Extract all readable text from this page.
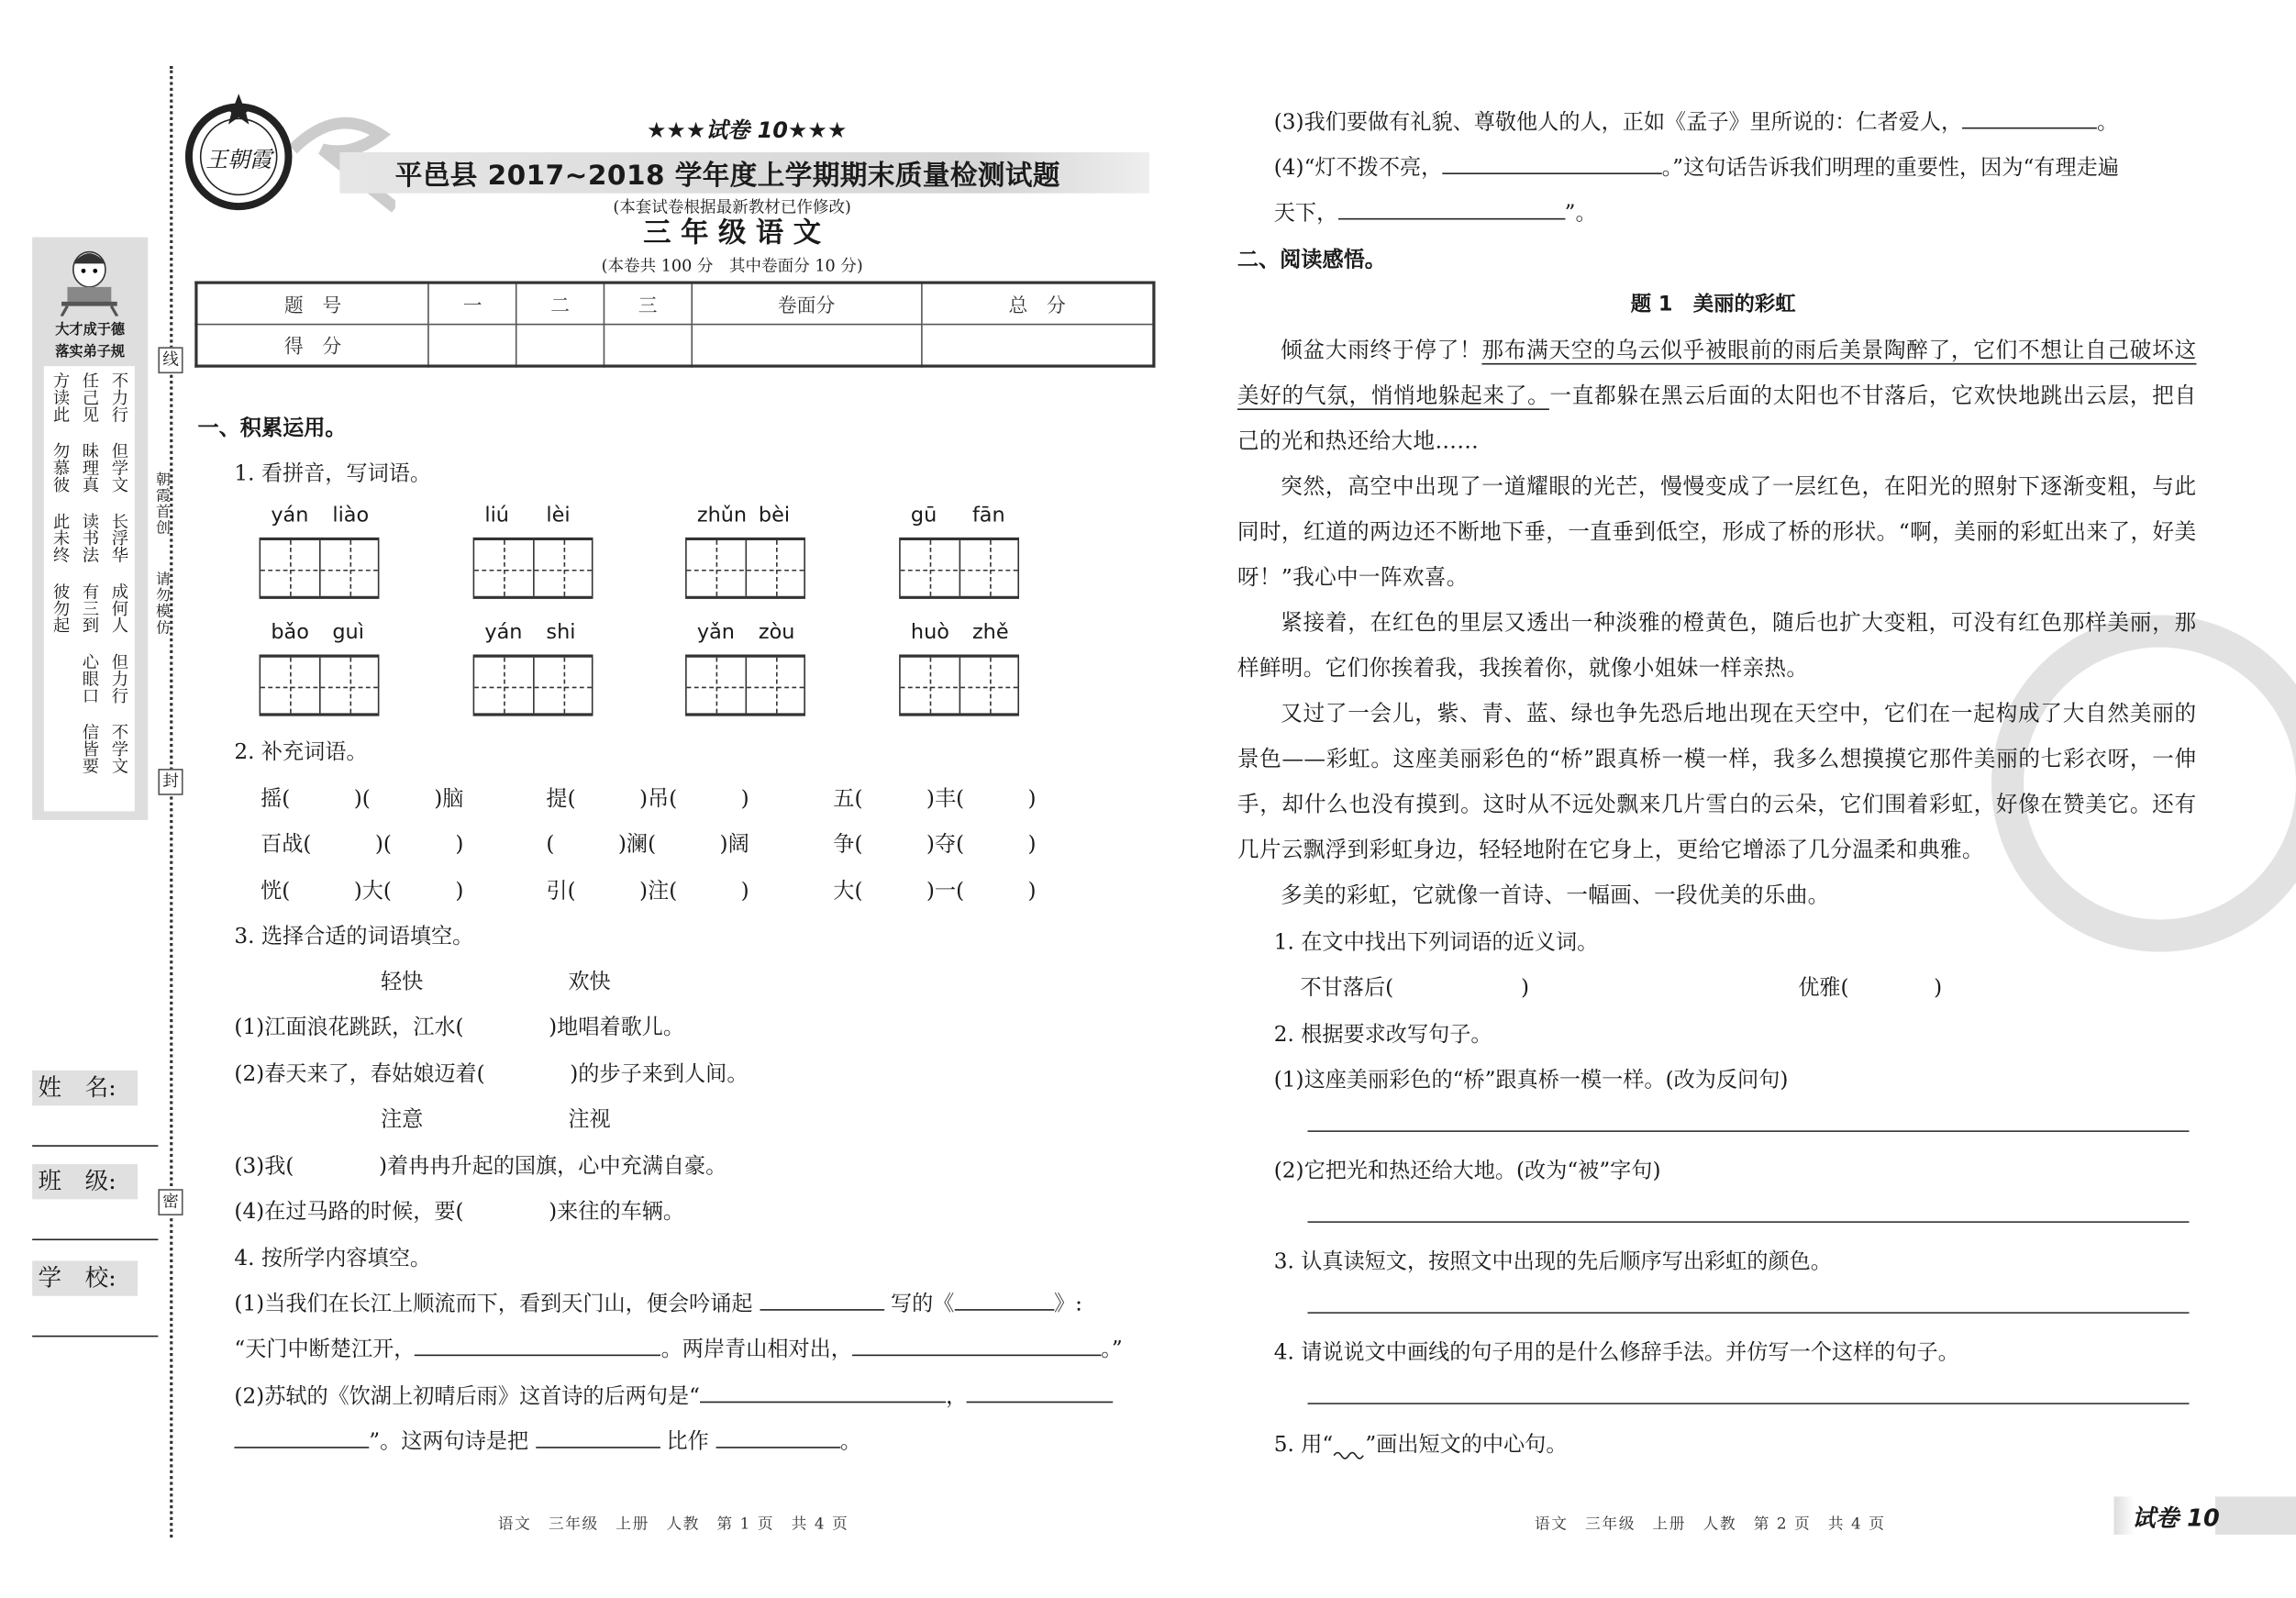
线
封
密
朝霞首创
请勿模仿
大才成于德
落实弟子规
不力行
但学文
长浮华
成何人
但力行
不学文
任己见
昧理真
读书法
有三到
心眼口
信皆要
方读此
勿慕彼
此未终
彼勿起
姓　名:
班　级:
学　校:
王朝霞
★★★试卷 10★★★
平邑县 2017~2018 学年度上学期期末质量检测试题
(本套试卷根据最新教材已作修改)
三 年 级 语 文
(本卷共 100 分　其中卷面分 10 分)
题　号	一	二	三	卷面分	总　分
得　分					
一、积累运用。
1. 看拼音，写词语。
yán liào	liú	lèi	zhǔn bèi	gū	fān
bǎo guì	yán shi	yǎn zòu	huò zhě
2. 补充词语。
摇(　　　)(　　　)脑	提(　　　)吊(　　　)	五(　　　)丰(　　　)
百战(　　　)(　　　)	(　　　)澜(　　　)阔	争(　　　)夺(　　　)
恍(　　　)大(　　　)	引(　　　)注(　　　)	大(　　　)一(　　　)
3. 选择合适的词语填空。
轻快	欢快
(1)江面浪花跳跃，江水(　　　　)地唱着歌儿。
(2)春天来了，春姑娘迈着(　　　　)的步子来到人间。
注意	注视
(3)我(　　　　)着冉冉升起的国旗，心中充满自豪。
(4)在过马路的时候，要(　　　　)来往的车辆。
4. 按所学内容填空。
(1)当我们在长江上顺流而下，看到天门山，便会吟诵起	写的《	》:
“天门中断楚江开，	。两岸青山相对出，	。”
(2)苏轼的《饮湖上初晴后雨》这首诗的后两句是“	，
”。这两句诗是把	比作	。
语文　三年级　上册　人教　第 1 页　共 4 页
(3)我们要做有礼貌、尊敬他人的人，正如《孟子》里所说的：仁者爱人，	。
(4)“灯不拨不亮，	。”这句话告诉我们明理的重要性，因为“有理走遍
天下，	”。
二、阅读感悟。
题 1　美丽的彩虹

倾盆大雨终于停了！那布满天空的乌云似乎被眼前的雨后美景陶醉了，它们不想让自己破坏这美好的气氛，悄悄地躲起来了。一直都躲在黑云后面的太阳也不甘落后，它欢快地跳出云层，把自己的光和热还给大地……

突然，高空中出现了一道耀眼的光芒，慢慢变成了一层红色，在阳光的照射下逐渐变粗，与此同时，红道的两边还不断地下垂，一直垂到低空，形成了桥的形状。“啊，美丽的彩虹出来了，好美呀！”我心中一阵欢喜。

紧接着，在红色的里层又透出一种淡雅的橙黄色，随后也扩大变粗，可没有红色那样美丽，那样鲜明。它们你挨着我，我挨着你，就像小姐妹一样亲热。

又过了一会儿，紫、青、蓝、绿也争先恐后地出现在天空中，它们在一起构成了大自然美丽的景色——彩虹。这座美丽彩色的“桥”跟真桥一模一样，我多么想摸摸它那件美丽的七彩衣呀，一伸手，却什么也没有摸到。这时从不远处飘来几片雪白的云朵，它们围着彩虹，好像在赞美它。还有几片云飘浮到彩虹身边，轻轻地附在它身上，更给它增添了几分温柔和典雅。

多美的彩虹，它就像一首诗、一幅画、一段优美的乐曲。

1. 在文中找出下列词语的近义词。
不甘落后(　　　　　　)	优雅(　　　　)
2. 根据要求改写句子。
(1)这座美丽彩色的“桥”跟真桥一模一样。(改为反问句)
(2)它把光和热还给大地。(改为“被”字句)
3. 认真读短文，按照文中出现的先后顺序写出彩虹的颜色。
4. 请说说文中画线的句子用的是什么修辞手法。并仿写一个这样的句子。
5. 用“ ”画出短文的中心句。
语文　三年级　上册　人教　第 2 页　共 4 页	试卷 10
